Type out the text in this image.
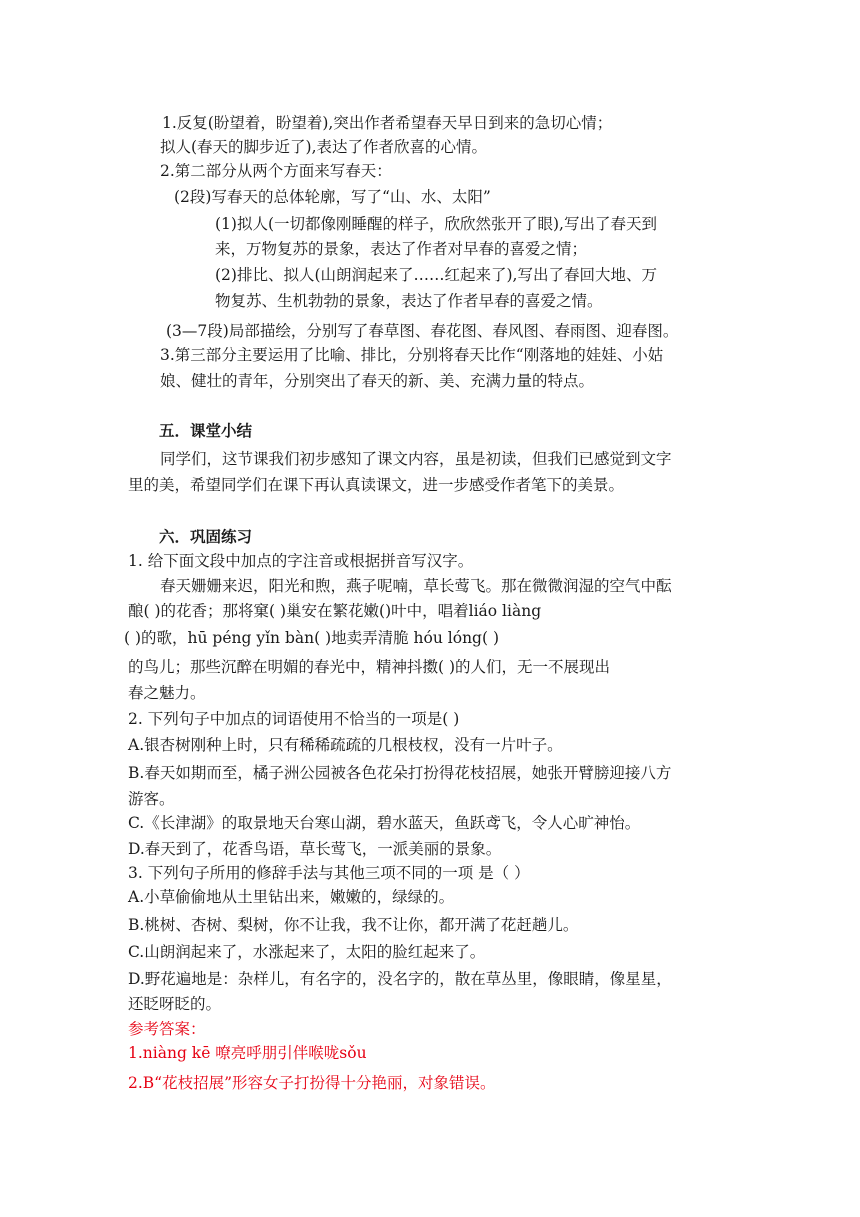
1.反复(盼望着，盼望着),突出作者希望春天早日到来的急切心情；
拟人(春天的脚步近了),表达了作者欣喜的心情。
2.第二部分从两个方面来写春天：
(2段)写春天的总体轮廓，写了“山、水、太阳”
(1)拟人(一切都像刚睡醒的样子，欣欣然张开了眼),写出了春天到
来，万物复苏的景象，表达了作者对早春的喜爱之情；
(2)排比、拟人(山朗润起来了……红起来了),写出了春回大地、万
物复苏、生机勃勃的景象，表达了作者早春的喜爱之情。
(3—7段)局部描绘，分别写了春草图、春花图、春风图、春雨图、迎春图。
3.第三部分主要运用了比喻、排比，分别将春天比作“刚落地的娃娃、小姑
娘、健壮的青年，分别突出了春天的新、美、充满力量的特点。
五．课堂小结
同学们，这节课我们初步感知了课文内容，虽是初读，但我们已感觉到文字
里的美，希望同学们在课下再认真读课文，进一步感受作者笔下的美景。
六．巩固练习
1. 给下面文段中加点的字注音或根据拼音写汉字。
春天姗姗来迟，阳光和煦，燕子呢喃，草长莺飞。那在微微润湿的空气中酝
酿( )的花香；那将窠( )巢安在繁花嫩()叶中，唱着liáo liàng
( )的歌，hū péng yǐn bàn( )地卖弄清脆 hóu lóng( )
的鸟儿；那些沉醉在明媚的春光中，精神抖擞( )的人们，无一不展现出
春之魅力。
2. 下列句子中加点的词语使用不恰当的一项是( )
A.银杏树刚种上时，只有稀稀疏疏的几根枝杈，没有一片叶子。
B.春天如期而至，橘子洲公园被各色花朵打扮得花枝招展，她张开臂膀迎接八方
游客。
C.《长津湖》的取景地天台寒山湖，碧水蓝天，鱼跃鸢飞，令人心旷神怡。
D.春天到了，花香鸟语，草长莺飞，一派美丽的景象。
3. 下列句子所用的修辞手法与其他三项不同的一项 是（ ）
A.小草偷偷地从土里钻出来，嫩嫩的，绿绿的。
B.桃树、杏树、梨树，你不让我，我不让你，都开满了花赶趟儿。
C.山朗润起来了，水涨起来了，太阳的脸红起来了。
D.野花遍地是：杂样儿，有名字的，没名字的，散在草丛里，像眼睛，像星星，
还眨呀眨的。
参考答案：
1.niàng kē 嘹亮呼朋引伴喉咙sǒu
2.B“花枝招展”形容女子打扮得十分艳丽，对象错误。
